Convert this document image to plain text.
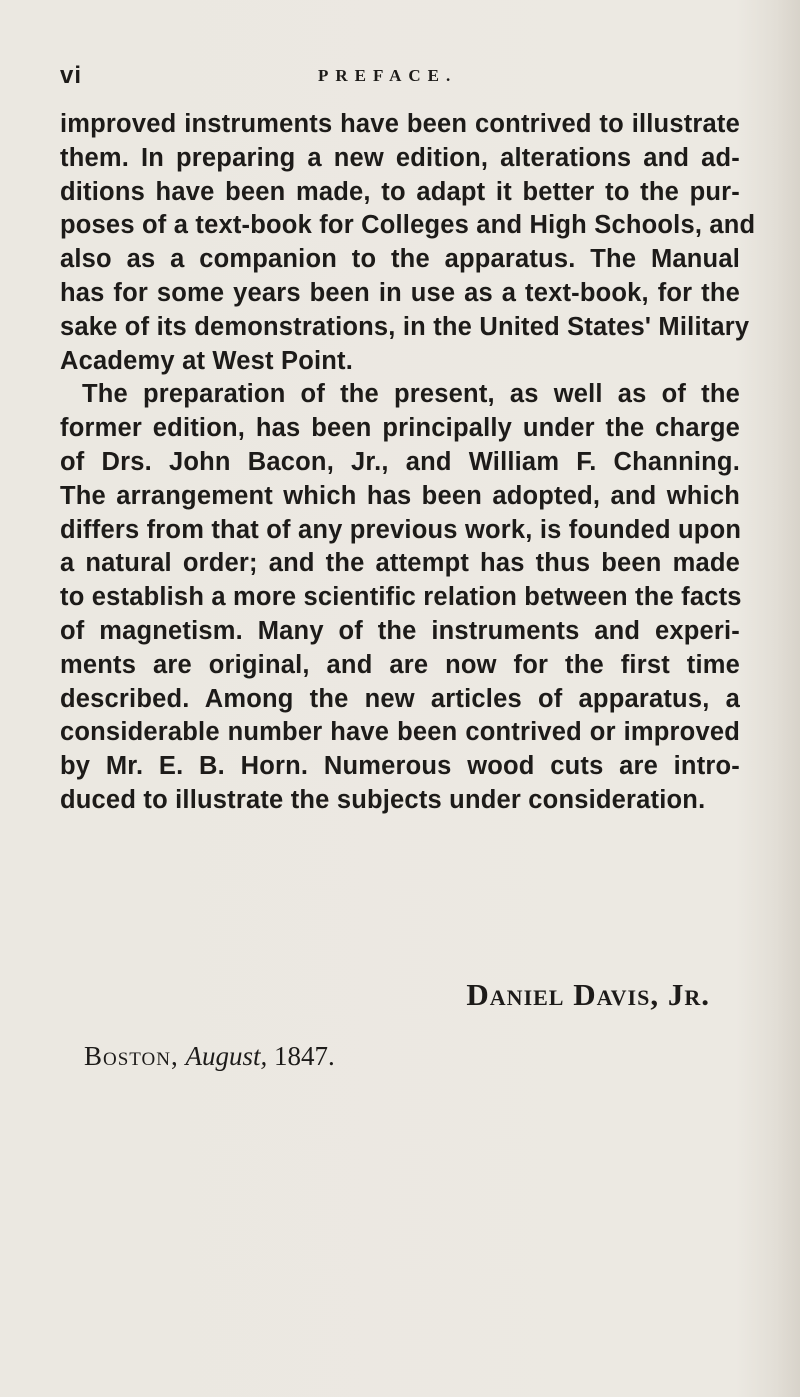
vi	PREFACE.
improved instruments have been contrived to illustrate
them. In preparing a new edition, alterations and ad-
ditions have been made, to adapt it better to the pur-
poses of a text-book for Colleges and High Schools, and
also as a companion to the apparatus. The Manual
has for some years been in use as a text-book, for the
sake of its demonstrations, in the United States' Military
Academy at West Point.
The preparation of the present, as well as of the
former edition, has been principally under the charge
of Drs. John Bacon, Jr., and William F. Channing.
The arrangement which has been adopted, and which
differs from that of any previous work, is founded upon
a natural order; and the attempt has thus been made
to establish a more scientific relation between the facts
of magnetism. Many of the instruments and experi-
ments are original, and are now for the first time
described. Among the new articles of apparatus, a
considerable number have been contrived or improved
by Mr. E. B. Horn. Numerous wood cuts are intro-
duced to illustrate the subjects under consideration.
Daniel Davis, Jr.
Boston, August, 1847.
